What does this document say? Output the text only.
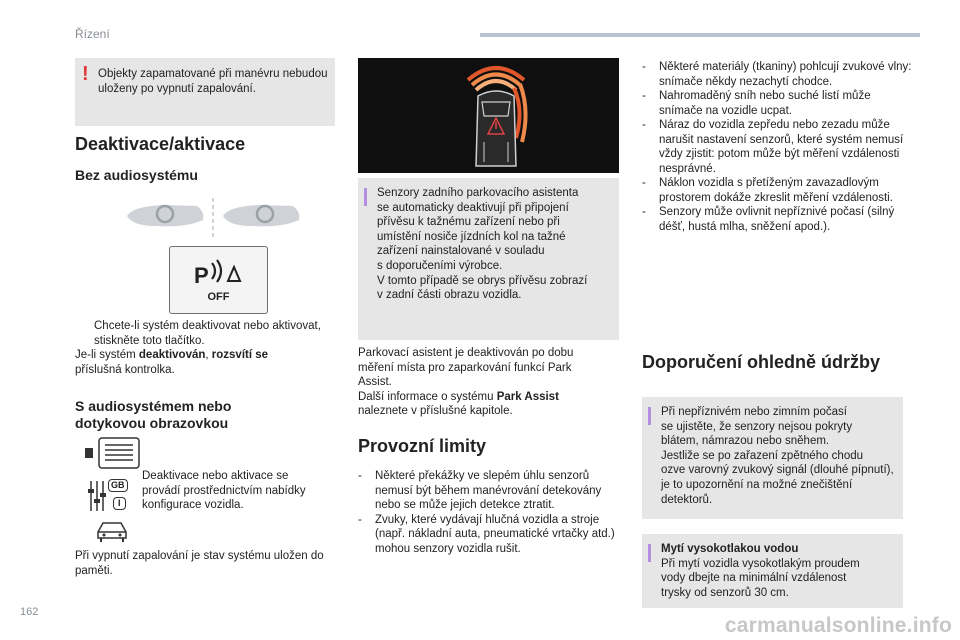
Řízení
! Objekty zapamatované při manévru nebudou uloženy po vypnutí zapalování.
Deaktivace/aktivace
Bez audiosystému
P
OFF
Chcete-li systém deaktivovat nebo aktivovat, stiskněte toto tlačítko.
Je-li systém deaktivován, rozsvítí se
příslušná kontrolka.
S audiosystémem nebo
dotykovou obrazovkou
GB
I
Deaktivace nebo aktivace se provádí prostřednictvím nabídky konfigurace vozidla.
Při vypnutí zapalování je stav systému uložen do paměti.
Senzory zadního parkovacího asistenta
se automaticky deaktivují při připojení
přívěsu k tažnému zařízení nebo při
umístění nosiče jízdních kol na tažné
zařízení nainstalované v souladu
s doporučeními výrobce.
V tomto případě se obrys přívěsu zobrazí
v zadní části obrazu vozidla.
Parkovací asistent je deaktivován po dobu
měření místa pro zaparkování funkcí Park
Assist.
Další informace o systému Park Assist
naleznete v příslušné kapitole.
Provozní limity
- Některé překážky ve slepém úhlu senzorů nemusí být během manévrování detekovány nebo se může jejich detekce ztratit.
- Zvuky, které vydávají hlučná vozidla a stroje (např. nákladní auta, pneumatické vrtačky atd.) mohou senzory vozidla rušit.
- Některé materiály (tkaniny) pohlcují zvukové vlny: snímače někdy nezachytí chodce.
- Nahromaděný sníh nebo suché listí může snímače na vozidle ucpat.
- Náraz do vozidla zepředu nebo zezadu může narušit nastavení senzorů, které systém nemusí vždy zjistit: potom může být měření vzdálenosti nesprávné.
- Náklon vozidla s přetíženým zavazadlovým prostorem dokáže zkreslit měření vzdálenosti.
- Senzory může ovlivnit nepříznivé počasí (silný déšť, hustá mlha, sněžení apod.).
Doporučení ohledně údržby
Při nepříznivém nebo zimním počasí
se ujistěte, že senzory nejsou pokryty
blátem, námrazou nebo sněhem.
Jestliže se po zařazení zpětného chodu
ozve varovný zvukový signál (dlouhé pípnutí),
je to upozornění na možné znečištění
detektorů.
Mytí vysokotlakou vodou
Při mytí vozidla vysokotlakým proudem
vody dbejte na minimální vzdálenost
trysky od senzorů 30 cm.
162
carmanualsonline.info
